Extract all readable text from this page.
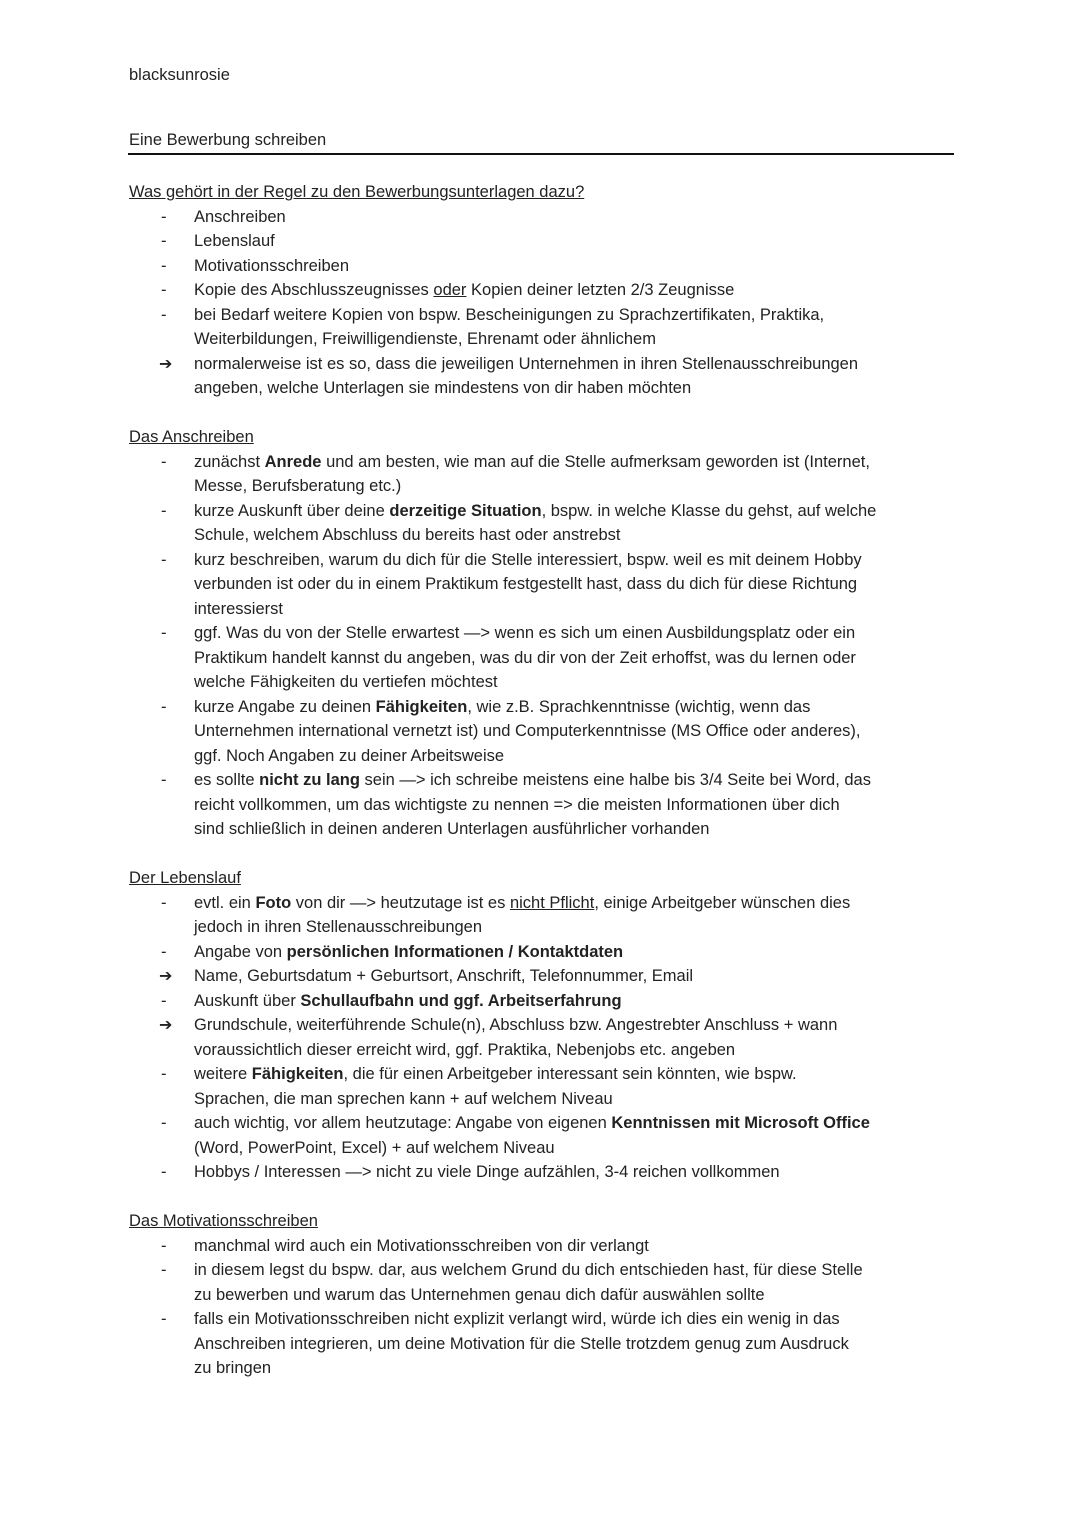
blacksunrosie
Eine Bewerbung schreiben
Was gehört in der Regel zu den Bewerbungsunterlagen dazu?
-
Anschreiben
-
Lebenslauf
-
Motivationsschreiben
-
Kopie des Abschlusszeugnisses oder Kopien deiner letzten 2/3 Zeugnisse
-
bei Bedarf weitere Kopien von bspw. Bescheinigungen zu Sprachzertifikaten, Praktika,
Weiterbildungen, Freiwilligendienste, Ehrenamt oder ähnlichem
➔
normalerweise ist es so, dass die jeweiligen Unternehmen in ihren Stellenausschreibungen
angeben, welche Unterlagen sie mindestens von dir haben möchten
Das Anschreiben
-
zunächst Anrede und am besten, wie man auf die Stelle aufmerksam geworden ist (Internet,
Messe, Berufsberatung etc.)
-
kurze Auskunft über deine derzeitige Situation, bspw. in welche Klasse du gehst, auf welche
Schule, welchem Abschluss du bereits hast oder anstrebst
-
kurz beschreiben, warum du dich für die Stelle interessiert, bspw. weil es mit deinem Hobby
verbunden ist oder du in einem Praktikum festgestellt hast, dass du dich für diese Richtung
interessierst
-
ggf. Was du von der Stelle erwartest —> wenn es sich um einen Ausbildungsplatz oder ein
Praktikum handelt kannst du angeben, was du dir von der Zeit erhoffst, was du lernen oder
welche Fähigkeiten du vertiefen möchtest
-
kurze Angabe zu deinen Fähigkeiten, wie z.B. Sprachkenntnisse (wichtig, wenn das
Unternehmen international vernetzt ist) und Computerkenntnisse (MS Office oder anderes),
ggf. Noch Angaben zu deiner Arbeitsweise
-
es sollte nicht zu lang sein —> ich schreibe meistens eine halbe bis 3/4 Seite bei Word, das
reicht vollkommen, um das wichtigste zu nennen => die meisten Informationen über dich
sind schließlich in deinen anderen Unterlagen ausführlicher vorhanden
Der Lebenslauf
-
evtl. ein Foto von dir —> heutzutage ist es nicht Pflicht, einige Arbeitgeber wünschen dies
jedoch in ihren Stellenausschreibungen
-
Angabe von persönlichen Informationen / Kontaktdaten
➔
Name, Geburtsdatum + Geburtsort, Anschrift, Telefonnummer, Email
-
Auskunft über Schullaufbahn und ggf. Arbeitserfahrung
➔
Grundschule, weiterführende Schule(n), Abschluss bzw. Angestrebter Anschluss + wann
voraussichtlich dieser erreicht wird, ggf. Praktika, Nebenjobs etc. angeben
-
weitere Fähigkeiten, die für einen Arbeitgeber interessant sein könnten, wie bspw.
Sprachen, die man sprechen kann + auf welchem Niveau
-
auch wichtig, vor allem heutzutage: Angabe von eigenen Kenntnissen mit Microsoft Office
(Word, PowerPoint, Excel) + auf welchem Niveau
-
Hobbys / Interessen —> nicht zu viele Dinge aufzählen, 3-4 reichen vollkommen
Das Motivationsschreiben
-
manchmal wird auch ein Motivationsschreiben von dir verlangt
-
in diesem legst du bspw. dar, aus welchem Grund du dich entschieden hast, für diese Stelle
zu bewerben und warum das Unternehmen genau dich dafür auswählen sollte
-
falls ein Motivationsschreiben nicht explizit verlangt wird, würde ich dies ein wenig in das
Anschreiben integrieren, um deine Motivation für die Stelle trotzdem genug zum Ausdruck
zu bringen
